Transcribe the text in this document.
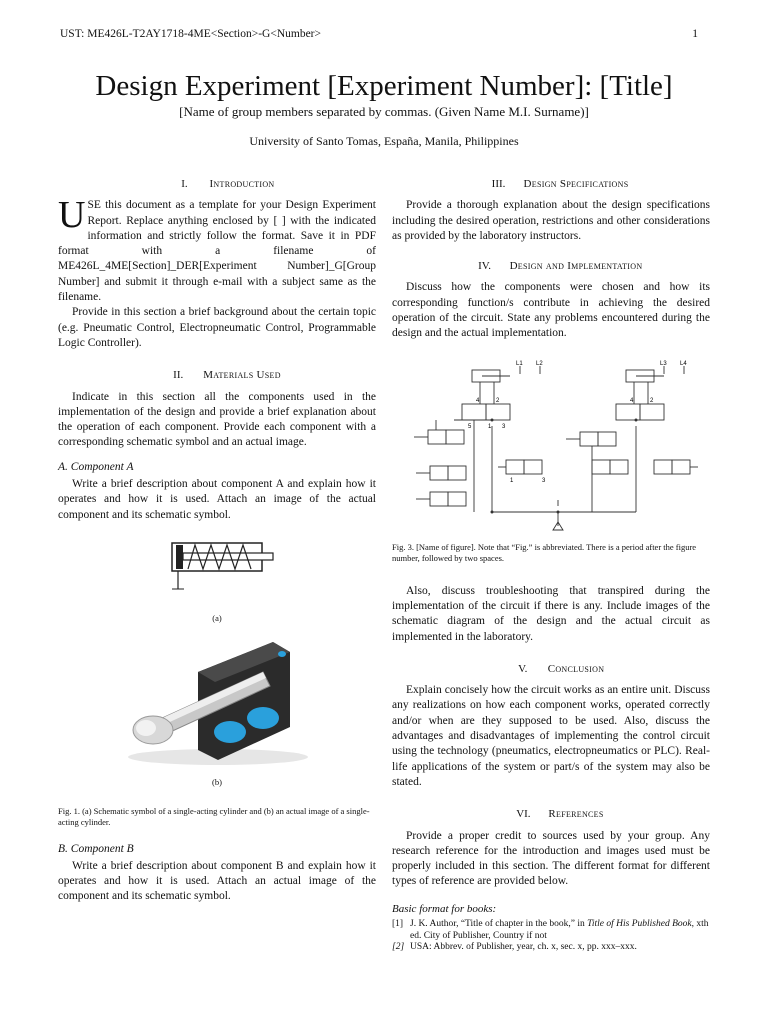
UST: ME426L-T2AY1718-4ME<Section>-G<Number>	1
Design Experiment [Experiment Number]: [Title]
[Name of group members separated by commas. (Given Name M.I. Surname)]
University of Santo Tomas, España, Manila, Philippines
I. Introduction

USE this document as a template for your Design Experiment Report. Replace anything enclosed by [ ] with the indicated information and strictly follow the format. Save it in PDF format with a filename of ME426L_4ME[Section]_DER[Experiment Number]_G[Group Number] and submit it through e-mail with a subject same as the filename.

Provide in this section a brief background about the certain topic (e.g. Pneumatic Control, Electropneumatic Control, Programmable Logic Controller).

II. Materials Used

Indicate in this section all the components used in the implementation of the design and provide a brief explanation about the operation of each component. Provide each component with a corresponding schematic symbol and an actual image.

A. Component A

Write a brief description about component A and explain how it operates and how it is used. Attach an image of the actual component and its schematic symbol.

(a)
(b)

Fig. 1. (a) Schematic symbol of a single-acting cylinder and (b) an actual image of a single-acting cylinder.

B. Component B

Write a brief description about component B and explain how it operates and how it is used. Attach an actual image of the component and its schematic symbol.

III. Design Specifications

Provide a thorough explanation about the design specifications including the desired operation, restrictions and other considerations as provided by the laboratory instructors.

IV. Design and Implementation

Discuss how the components were chosen and how its corresponding function/s contribute in achieving the desired operation of the circuit. State any problems encountered during the design and the actual implementation.

L1 L2	L3 L4
4	2	4	2
5	1 3
1	3

Fig. 3. [Name of figure]. Note that “Fig.” is abbreviated. There is a period after the figure number, followed by two spaces.

Also, discuss troubleshooting that transpired during the implementation of the circuit if there is any. Include images of the schematic diagram of the design and the actual circuit as implemented in the laboratory.

V. Conclusion

Explain concisely how the circuit works as an entire unit. Discuss any realizations on how each component works, operated correctly and/or when are they supposed to be used. Also, discuss the advantages and disadvantages of implementing the control circuit using the technology (pneumatics, electropneumatics or PLC). Real-life applications of the system or part/s of the system may also be stated.

VI. References

Provide a proper credit to sources used by your group. Any research reference for the introduction and images used must be properly included in this section. The different format for different types of reference are provided below.

Basic format for books:
[1] J. K. Author, “Title of chapter in the book,” in Title of His Published Book, xth ed. City of Publisher, Country if not
[2] USA: Abbrev. of Publisher, year, ch. x, sec. x, pp. xxx–xxx.
